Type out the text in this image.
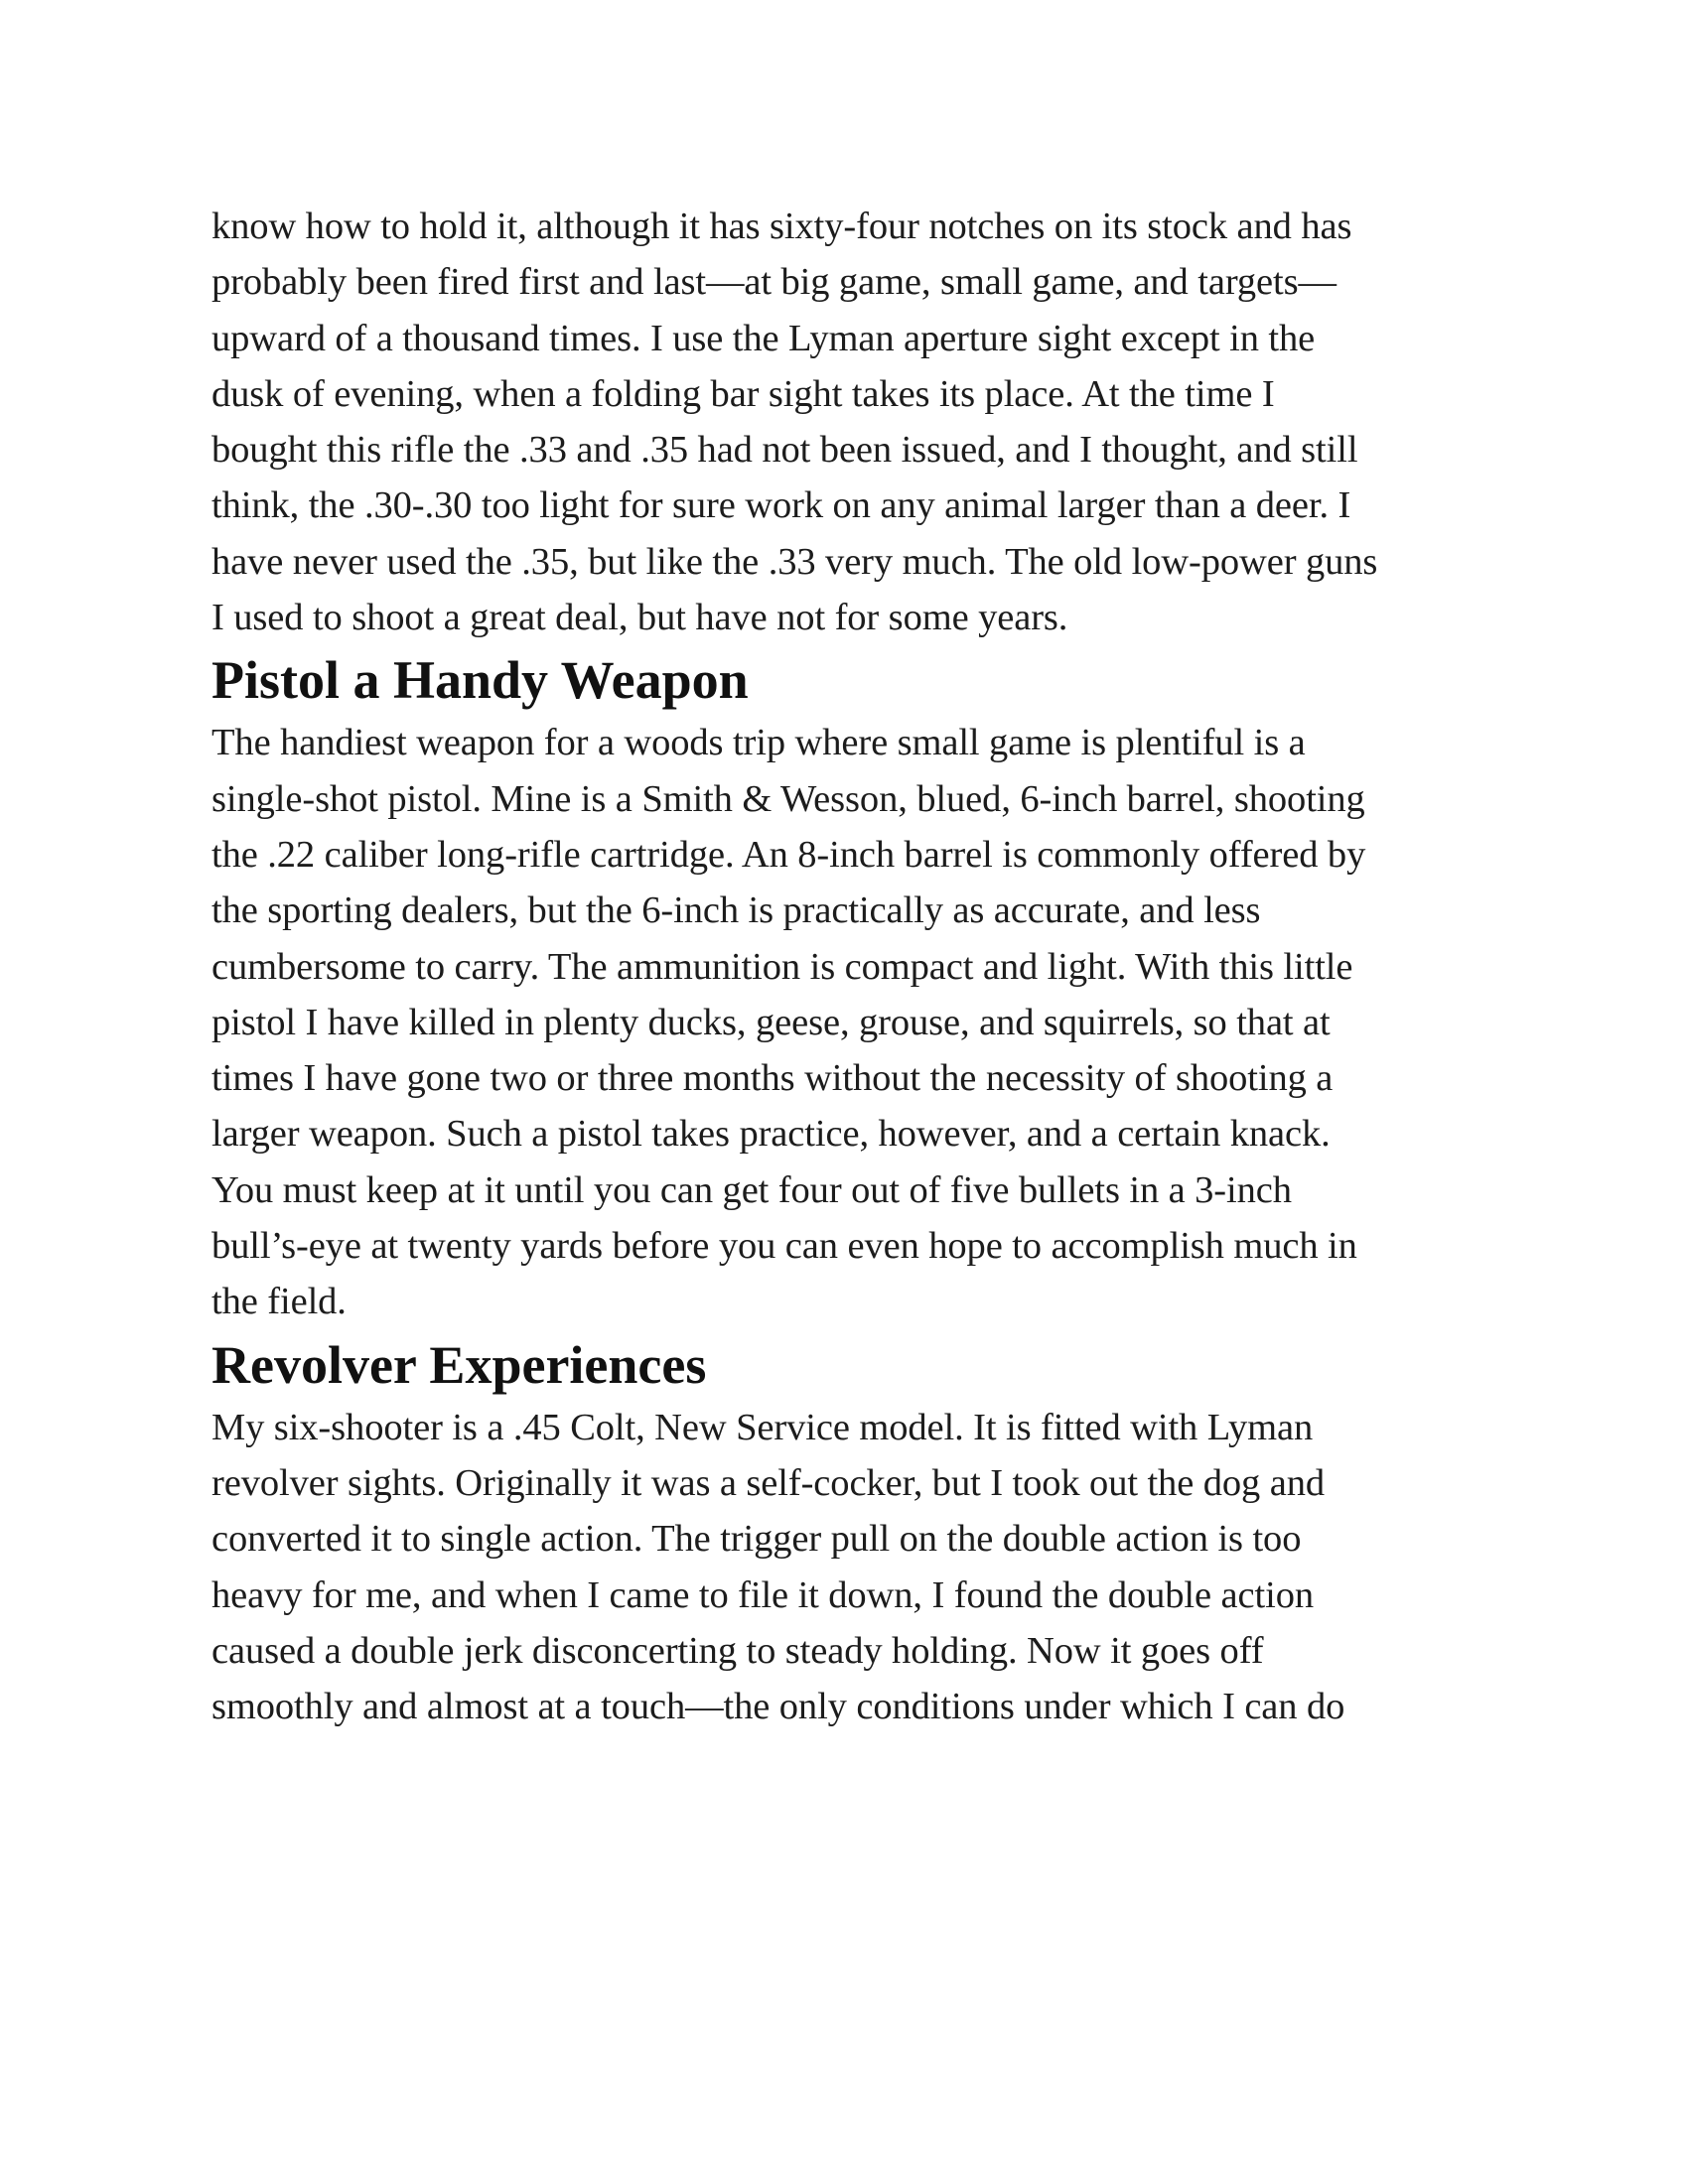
know how to hold it, although it has sixty-four notches on its stock and has
probably been fired first and last—at big game, small game, and targets—
upward of a thousand times. I use the Lyman aperture sight except in the
dusk of evening, when a folding bar sight takes its place. At the time I
bought this rifle the .33 and .35 had not been issued, and I thought, and still
think, the .30-.30 too light for sure work on any animal larger than a deer. I
have never used the .35, but like the .33 very much. The old low-power guns
I used to shoot a great deal, but have not for some years.

Pistol a Handy Weapon

The handiest weapon for a woods trip where small game is plentiful is a
single-shot pistol. Mine is a Smith & Wesson, blued, 6-inch barrel, shooting
the .22 caliber long-rifle cartridge. An 8-inch barrel is commonly offered by
the sporting dealers, but the 6-inch is practically as accurate, and less
cumbersome to carry. The ammunition is compact and light. With this little
pistol I have killed in plenty ducks, geese, grouse, and squirrels, so that at
times I have gone two or three months without the necessity of shooting a
larger weapon. Such a pistol takes practice, however, and a certain knack.
You must keep at it until you can get four out of five bullets in a 3-inch
bull’s-eye at twenty yards before you can even hope to accomplish much in
the field.

Revolver Experiences

My six-shooter is a .45 Colt, New Service model. It is fitted with Lyman
revolver sights. Originally it was a self-cocker, but I took out the dog and
converted it to single action. The trigger pull on the double action is too
heavy for me, and when I came to file it down, I found the double action
caused a double jerk disconcerting to steady holding. Now it goes off
smoothly and almost at a touch—the only conditions under which I can do
